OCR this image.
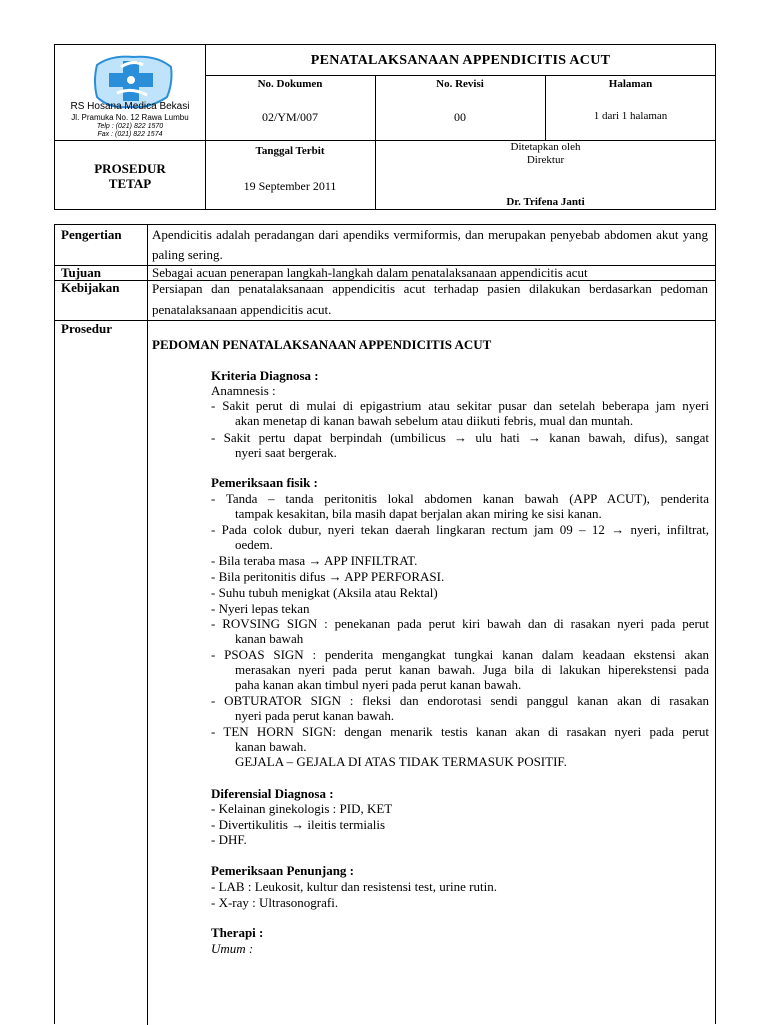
RS Hosana Medica Bekasi
Jl. Pramuka No. 12 Rawa Lumbu
Telp : (021) 822 1570
Fax : (021) 822 1574
PENATALAKSANAAN APPENDICITIS ACUT
No. Dokumen	No. Revisi	Halaman
02/YM/007	00	1 dari 1 halaman
PROSEDUR
TETAP
Tanggal Terbit
19 September 2011
Ditetapkan oleh
Direktur
Dr. Trifena Janti
Pengertian Apendicitis adalah peradangan dari apendiks vermiformis, dan merupakan penyebab abdomen akut yang paling sering.
Tujuan	Sebagai acuan penerapan langkah-langkah dalam penatalaksanaan appendicitis acut
Kebijakan Persiapan dan penatalaksanaan appendicitis acut terhadap pasien dilakukan berdasarkan pedoman penatalaksanaan appendicitis acut.
Prosedur
PEDOMAN PENATALAKSANAAN APPENDICITIS ACUT
Kriteria Diagnosa :
Anamnesis :
- Sakit perut di mulai di epigastrium atau sekitar pusar dan setelah beberapa jam nyeri
akan menetap di kanan bawah sebelum atau diikuti febris, mual dan muntah.
- Sakit pertu dapat berpindah (umbilicus → ulu hati → kanan bawah, difus), sangat
nyeri saat bergerak.
Pemeriksaan fisik :
- Tanda – tanda peritonitis lokal abdomen kanan bawah (APP ACUT), penderita
tampak kesakitan, bila masih dapat berjalan akan miring ke sisi kanan.
- Pada colok dubur, nyeri tekan daerah lingkaran rectum jam 09 – 12 → nyeri, infiltrat,
oedem.
- Bila teraba masa → APP INFILTRAT.
- Bila peritonitis difus → APP PERFORASI.
- Suhu tubuh menigkat (Aksila atau Rektal)
- Nyeri lepas tekan
- ROVSING SIGN : penekanan pada perut kiri bawah dan di rasakan nyeri pada perut
kanan bawah
- PSOAS SIGN : penderita mengangkat tungkai kanan dalam keadaan ekstensi akan
merasakan nyeri pada perut kanan bawah. Juga bila di lakukan hiperekstensi pada
paha kanan akan timbul nyeri pada perut kanan bawah.
- OBTURATOR SIGN : fleksi dan endorotasi sendi panggul kanan akan di rasakan
nyeri pada perut kanan bawah.
- TEN HORN SIGN: dengan menarik testis kanan akan di rasakan nyeri pada perut
kanan bawah.
GEJALA – GEJALA DI ATAS TIDAK TERMASUK POSITIF.
Diferensial Diagnosa :
- Kelainan ginekologis : PID, KET
- Divertikulitis → ileitis termialis
- DHF.
Pemeriksaan Penunjang :
- LAB : Leukosit, kultur dan resistensi test, urine rutin.
- X-ray : Ultrasonografi.
Therapi :
Umum :
